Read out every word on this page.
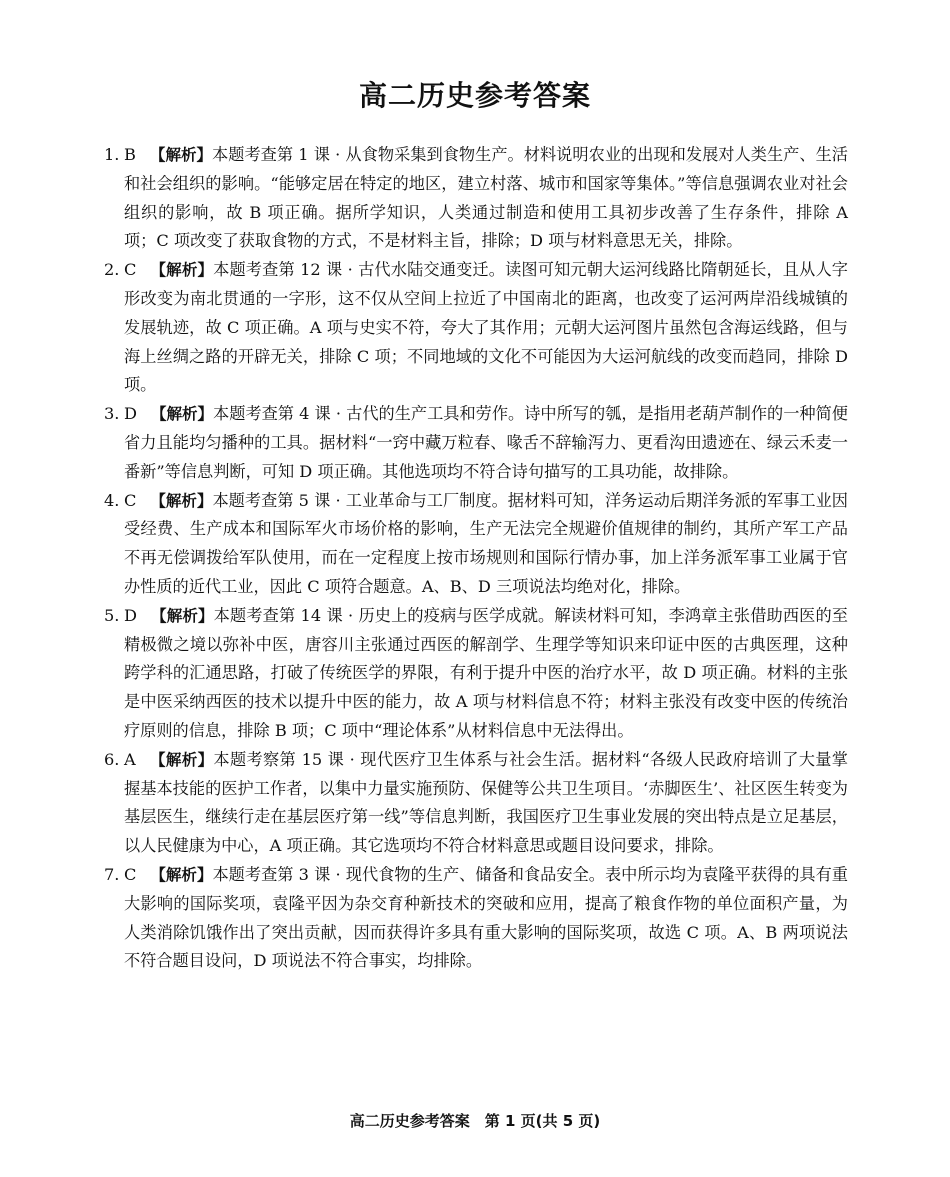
高二历史参考答案
1. B 【解析】本题考查第 1 课 · 从食物采集到食物生产。材料说明农业的出现和发展对人类生产、生活和社会组织的影响。“能够定居在特定的地区，建立村落、城市和国家等集体。”等信息强调农业对社会组织的影响，故 B 项正确。据所学知识，人类通过制造和使用工具初步改善了生存条件，排除 A 项；C 项改变了获取食物的方式，不是材料主旨，排除；D 项与材料意思无关，排除。
2. C 【解析】本题考查第 12 课 · 古代水陆交通变迁。读图可知元朝大运河线路比隋朝延长，且从人字形改变为南北贯通的一字形，这不仅从空间上拉近了中国南北的距离，也改变了运河两岸沿线城镇的发展轨迹，故 C 项正确。A 项与史实不符，夸大了其作用；元朝大运河图片虽然包含海运线路，但与海上丝绸之路的开辟无关，排除 C 项；不同地域的文化不可能因为大运河航线的改变而趋同，排除 D 项。
3. D 【解析】本题考查第 4 课 · 古代的生产工具和劳作。诗中所写的瓠，是指用老葫芦制作的一种简便省力且能均匀播种的工具。据材料“一窍中藏万粒春、喙舌不辞输泻力、更看沟田遗迹在、绿云禾麦一番新”等信息判断，可知 D 项正确。其他选项均不符合诗句描写的工具功能，故排除。
4. C 【解析】本题考查第 5 课 · 工业革命与工厂制度。据材料可知，洋务运动后期洋务派的军事工业因受经费、生产成本和国际军火市场价格的影响，生产无法完全规避价值规律的制约，其所产军工产品不再无偿调拨给军队使用，而在一定程度上按市场规则和国际行情办事，加上洋务派军事工业属于官办性质的近代工业，因此 C 项符合题意。A、B、D 三项说法均绝对化，排除。
5. D 【解析】本题考查第 14 课 · 历史上的疫病与医学成就。解读材料可知，李鸿章主张借助西医的至精极微之境以弥补中医，唐容川主张通过西医的解剖学、生理学等知识来印证中医的古典医理，这种跨学科的汇通思路，打破了传统医学的界限，有利于提升中医的治疗水平，故 D 项正确。材料的主张是中医采纳西医的技术以提升中医的能力，故 A 项与材料信息不符；材料主张没有改变中医的传统治疗原则的信息，排除 B 项；C 项中“理论体系”从材料信息中无法得出。
6. A 【解析】本题考察第 15 课 · 现代医疗卫生体系与社会生活。据材料“各级人民政府培训了大量掌握基本技能的医护工作者，以集中力量实施预防、保健等公共卫生项目。‘赤脚医生’、社区医生转变为基层医生，继续行走在基层医疗第一线”等信息判断，我国医疗卫生事业发展的突出特点是立足基层，以人民健康为中心，A 项正确。其它选项均不符合材料意思或题目设问要求，排除。
7. C 【解析】本题考查第 3 课 · 现代食物的生产、储备和食品安全。表中所示均为袁隆平获得的具有重大影响的国际奖项，袁隆平因为杂交育种新技术的突破和应用，提高了粮食作物的单位面积产量，为人类消除饥饿作出了突出贡献，因而获得许多具有重大影响的国际奖项，故选 C 项。A、B 两项说法不符合题目设问，D 项说法不符合事实，均排除。
高二历史参考答案　第 1 页(共 5 页)
